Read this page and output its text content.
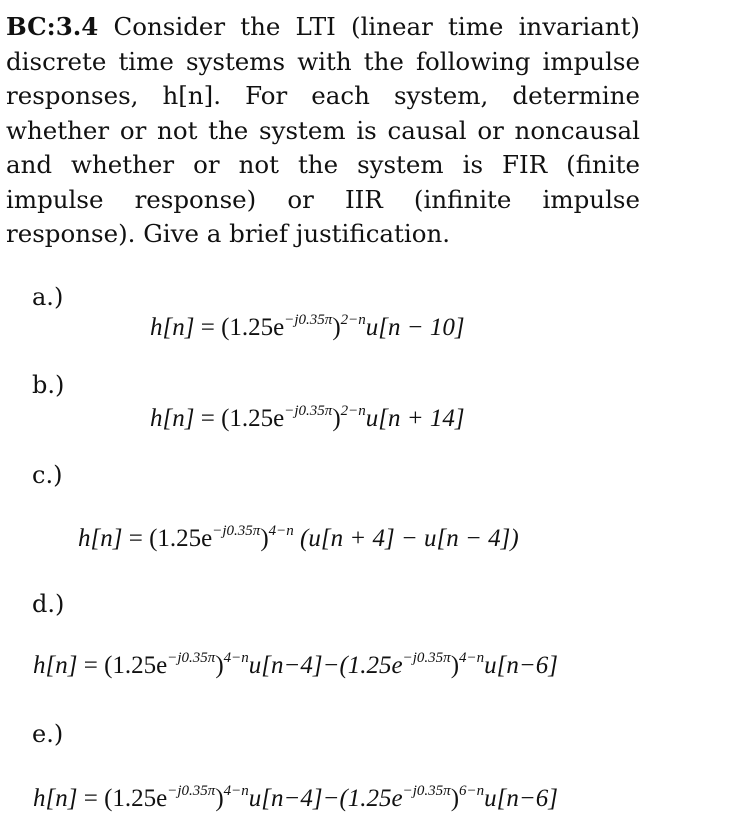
BC:3.4 Consider the LTI (linear time invariant) discrete time systems with the following impulse responses, h[n]. For each system, determine whether or not the system is causal or noncausal and whether or not the system is FIR (finite impulse response) or IIR (infinite impulse response). Give a brief justification.
a.)
$h[n] = (1.25e^{-j0.35\pi})^{2-n}u[n - 10]$
b.)
$h[n] = (1.25e^{-j0.35\pi})^{2-n}u[n + 14]$
c.)
$h[n] = (1.25e^{-j0.35\pi})^{4-n}$ (u[n + 4] − u[n − 4])
d.)
$h[n] = (1.25e^{-j0.35\pi})^{4-n}u[n-4]-(1.25e^{-j0.35\pi})^{4-n}u[n-6]$
e.)
$h[n] = (1.25e^{-j0.35\pi})^{4-n}u[n-4]-(1.25e^{-j0.35\pi})^{6-n}u[n-6]$
